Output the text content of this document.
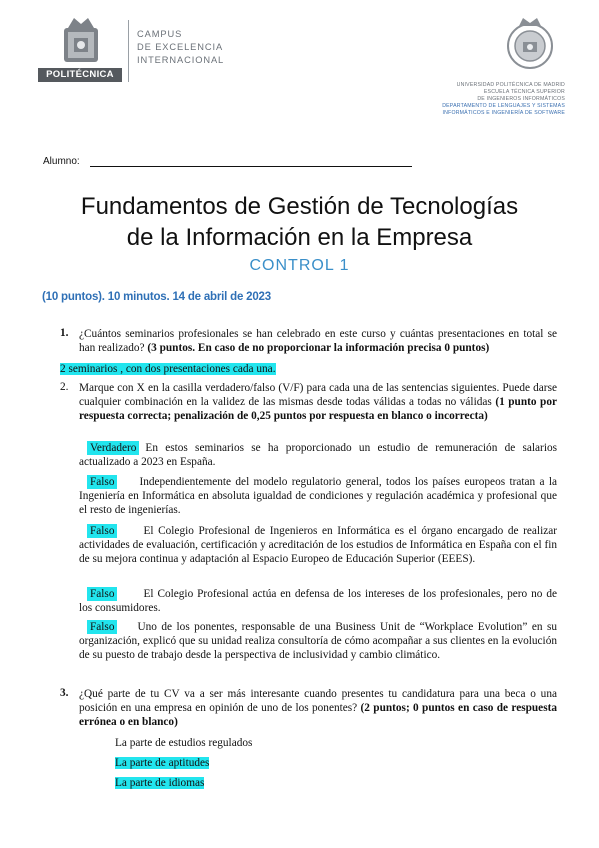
POLITÉCNICA
CAMPUS
DE EXCELENCIA
INTERNACIONAL
UNIVERSIDAD POLITÉCNICA DE MADRID
ESCUELA TÉCNICA SUPERIOR
DE INGENIEROS INFORMÁTICOS
DEPARTAMENTO DE LENGUAJES Y SISTEMAS
INFORMÁTICOS E INGENIERÍA DE SOFTWARE
Alumno:
Fundamentos de Gestión de Tecnologías
de la Información en la Empresa
CONTROL 1
(10 puntos). 10 minutos. 14 de abril de 2023
1. ¿Cuántos seminarios profesionales se han celebrado en este curso y cuántas presentaciones en total se han realizado? (3 puntos. En caso de no proporcionar la información precisa 0 puntos)
2 seminarios , con dos presentaciones cada una.
2. Marque con X en la casilla verdadero/falso (V/F) para cada una de las sentencias siguientes. Puede darse cualquier combinación en la validez de las mismas desde todas válidas a todas no válidas (1 punto por respuesta correcta; penalización de 0,25 puntos por respuesta en blanco o incorrecta)
Verdadero En estos seminarios se ha proporcionado un estudio de remuneración de salarios actualizado a 2023 en España.
Falso Independientemente del modelo regulatorio general, todos los países europeos tratan a la Ingeniería en Informática en absoluta igualdad de condiciones y regulación académica y profesional que el resto de ingenierías.
Falso	El Colegio Profesional de Ingenieros en Informática es el órgano encargado de realizar actividades de evaluación, certificación y acreditación de los estudios de Informática en España con el fin de su mejora continua y adaptación al Espacio Europeo de Educación Superior (EEES).
Falso	El Colegio Profesional actúa en defensa de los intereses de los profesionales, pero no de los consumidores.
Falso Uno de los ponentes, responsable de una Business Unit de “Workplace Evolution” en su organización, explicó que su unidad realiza consultoría de cómo acompañar a sus clientes en la evolución de su puesto de trabajo desde la perspectiva de inclusividad y cambio climático.
3. ¿Qué parte de tu CV va a ser más interesante cuando presentes tu candidatura para una beca o una posición en una empresa en opinión de uno de los ponentes? (2 puntos; 0 puntos en caso de respuesta errónea o en blanco)
La parte de estudios regulados
La parte de aptitudes
La parte de idiomas
